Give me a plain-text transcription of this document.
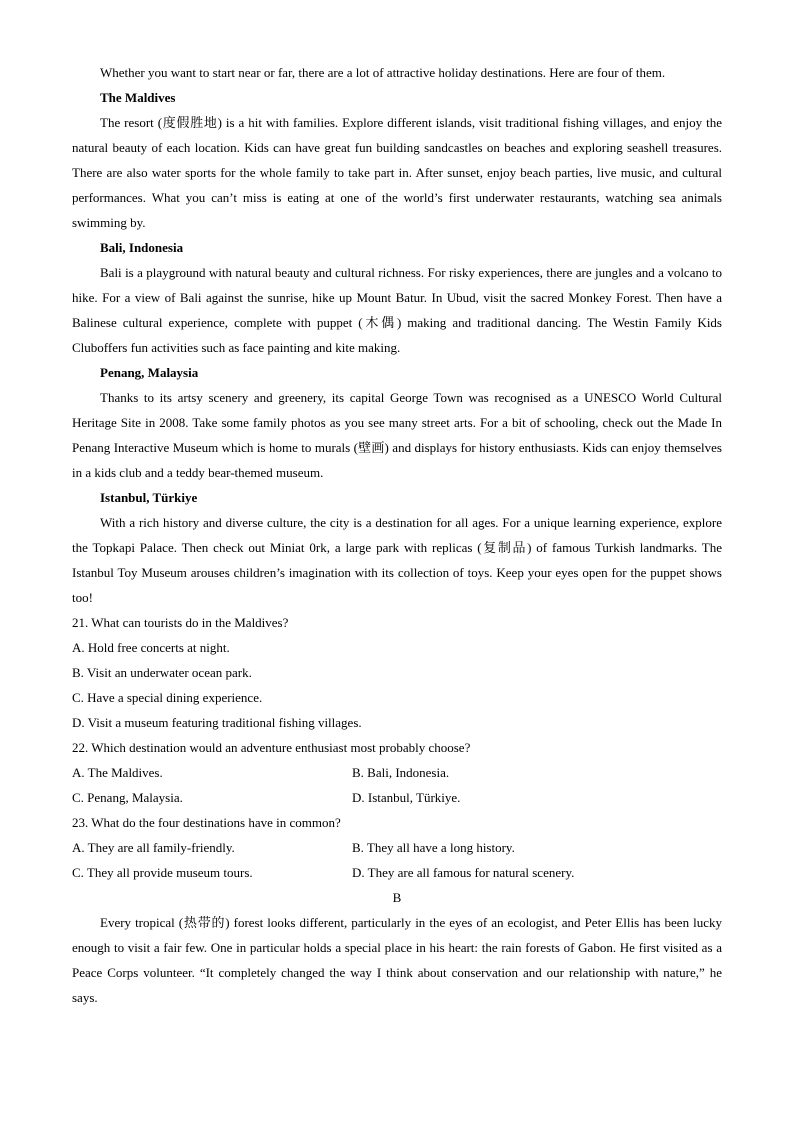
Whether you want to start near or far, there are a lot of attractive holiday destinations. Here are four of them.

The Maldives

The resort (度假胜地) is a hit with families. Explore different islands, visit traditional fishing villages, and enjoy the natural beauty of each location. Kids can have great fun building sandcastles on beaches and exploring seashell treasures. There are also water sports for the whole family to take part in. After sunset, enjoy beach parties, live music, and cultural performances. What you can’t miss is eating at one of the world’s first underwater restaurants, watching sea animals swimming by.

Bali, Indonesia

Bali is a playground with natural beauty and cultural richness. For risky experiences, there are jungles and a volcano to hike. For a view of Bali against the sunrise, hike up Mount Batur. In Ubud, visit the sacred Monkey Forest. Then have a Balinese cultural experience, complete with puppet (木偶) making and traditional dancing. The Westin Family Kids Cluboffers fun activities such as face painting and kite making.

Penang, Malaysia

Thanks to its artsy scenery and greenery, its capital George Town was recognised as a UNESCO World Cultural Heritage Site in 2008. Take some family photos as you see many street arts. For a bit of schooling, check out the Made In Penang Interactive Museum which is home to murals (壁画) and displays for history enthusiasts. Kids can enjoy themselves in a kids club and a teddy bear-themed museum.

Istanbul, Türkiye

With a rich history and diverse culture, the city is a destination for all ages. For a unique learning experience, explore the Topkapi Palace. Then check out Miniat 0rk, a large park with replicas (复制品) of famous Turkish landmarks. The Istanbul Toy Museum arouses children’s imagination with its collection of toys. Keep your eyes open for the puppet shows too!

21. What can tourists do in the Maldives?

A. Hold free concerts at night.

B. Visit an underwater ocean park.

C. Have a special dining experience.

D. Visit a museum featuring traditional fishing villages.

22. Which destination would an adventure enthusiast most probably choose?

A. The Maldives.	B. Bali, Indonesia.
C. Penang, Malaysia.	D. Istanbul, Türkiye.

23. What do the four destinations have in common?

A. They are all family-friendly.	B. They all have a long history.
C. They all provide museum tours.	D. They are all famous for natural scenery.

B

Every tropical (热带的) forest looks different, particularly in the eyes of an ecologist, and Peter Ellis has been lucky enough to visit a fair few. One in particular holds a special place in his heart: the rain forests of Gabon. He first visited as a Peace Corps volunteer. “It completely changed the way I think about conservation and our relationship with nature,” he says.
